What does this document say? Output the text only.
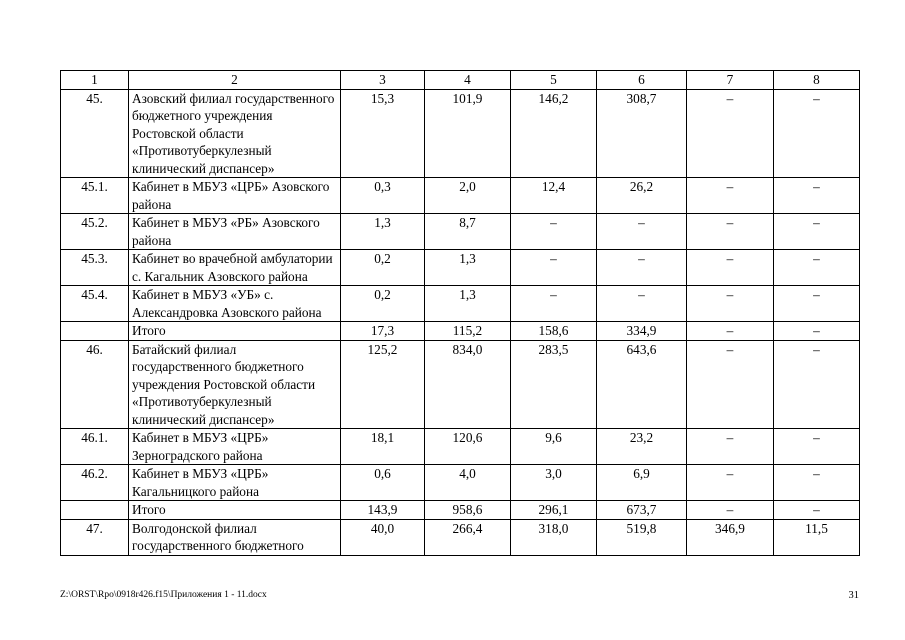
1	2	3	4	5	6	7	8
45.	Азовский филиал государственного бюджетного учреждения Ростовской области «Противотуберкулезный клинический диспансер»	15,3	101,9	146,2	308,7	–	–
45.1.	Кабинет в МБУЗ «ЦРБ» Азовского района	0,3	2,0	12,4	26,2	–	–
45.2.	Кабинет в МБУЗ «РБ» Азовского района	1,3	8,7	–	–	–	–
45.3.	Кабинет во врачебной амбулатории с. Кагальник Азовского района	0,2	1,3	–	–	–	–
45.4.	Кабинет в МБУЗ «УБ» с. Александровка Азовского района	0,2	1,3	–	–	–	–
	Итого	17,3	115,2	158,6	334,9	–	–
46.	Батайский филиал государственного бюджетного учреждения Ростовской области «Противотуберкулезный клинический диспансер»	125,2	834,0	283,5	643,6	–	–
46.1.	Кабинет в МБУЗ «ЦРБ» Зерноградского района	18,1	120,6	9,6	23,2	–	–
46.2.	Кабинет в МБУЗ «ЦРБ» Кагальницкого района	0,6	4,0	3,0	6,9	–	–
	Итого	143,9	958,6	296,1	673,7	–	–
47.	Волгодонской филиал государственного бюджетного	40,0	266,4	318,0	519,8	346,9	11,5
Z:\ORST\Rpo\0918r426.f15\Приложения 1 - 11.docx	31
